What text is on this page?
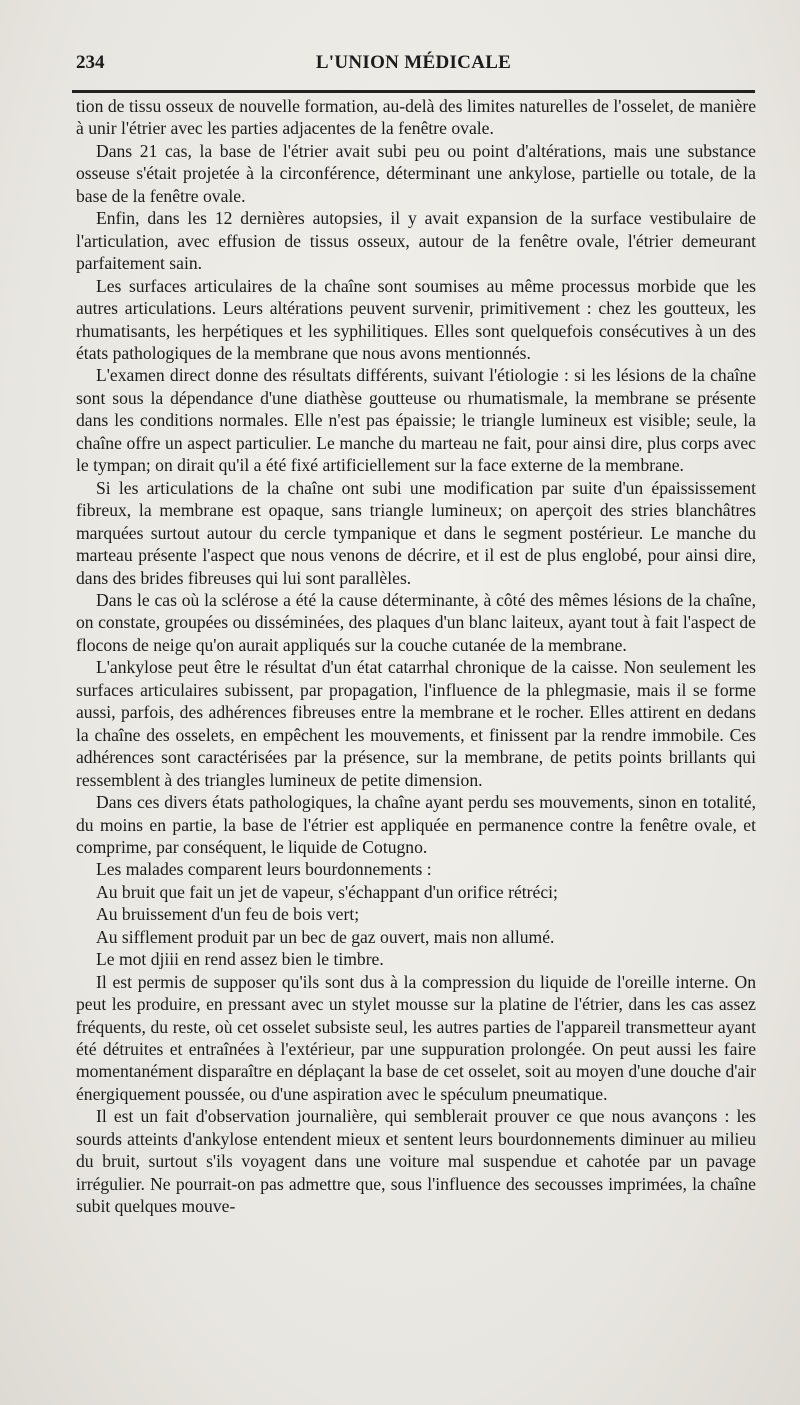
234	L'UNION MÉDICALE

tion de tissu osseux de nouvelle formation, au-delà des limites naturelles de l'osselet, de manière à unir l'étrier avec les parties adjacentes de la fenêtre ovale.

Dans 21 cas, la base de l'étrier avait subi peu ou point d'altérations, mais une substance osseuse s'était projetée à la circonférence, déterminant une ankylose, partielle ou totale, de la base de la fenêtre ovale.

Enfin, dans les 12 dernières autopsies, il y avait expansion de la surface vestibulaire de l'articulation, avec effusion de tissus osseux, autour de la fenêtre ovale, l'étrier demeurant parfaitement sain.

Les surfaces articulaires de la chaîne sont soumises au même processus morbide que les autres articulations. Leurs altérations peuvent survenir, primitivement : chez les goutteux, les rhumatisants, les herpétiques et les syphilitiques. Elles sont quelquefois consécutives à un des états pathologiques de la membrane que nous avons mentionnés.

L'examen direct donne des résultats différents, suivant l'étiologie : si les lésions de la chaîne sont sous la dépendance d'une diathèse goutteuse ou rhumatismale, la membrane se présente dans les conditions normales. Elle n'est pas épaissie; le triangle lumineux est visible; seule, la chaîne offre un aspect particulier. Le manche du marteau ne fait, pour ainsi dire, plus corps avec le tympan; on dirait qu'il a été fixé artificiellement sur la face externe de la membrane.

Si les articulations de la chaîne ont subi une modification par suite d'un épaississement fibreux, la membrane est opaque, sans triangle lumineux; on aperçoit des stries blanchâtres marquées surtout autour du cercle tympanique et dans le segment postérieur. Le manche du marteau présente l'aspect que nous venons de décrire, et il est de plus englobé, pour ainsi dire, dans des brides fibreuses qui lui sont parallèles.

Dans le cas où la sclérose a été la cause déterminante, à côté des mêmes lésions de la chaîne, on constate, groupées ou disséminées, des plaques d'un blanc laiteux, ayant tout à fait l'aspect de flocons de neige qu'on aurait appliqués sur la couche cutanée de la membrane.

L'ankylose peut être le résultat d'un état catarrhal chronique de la caisse. Non seulement les surfaces articulaires subissent, par propagation, l'influence de la phlegmasie, mais il se forme aussi, parfois, des adhérences fibreuses entre la membrane et le rocher. Elles attirent en dedans la chaîne des osselets, en empêchent les mouvements, et finissent par la rendre immobile. Ces adhérences sont caractérisées par la présence, sur la membrane, de petits points brillants qui ressemblent à des triangles lumineux de petite dimension.

Dans ces divers états pathologiques, la chaîne ayant perdu ses mouvements, sinon en totalité, du moins en partie, la base de l'étrier est appliquée en permanence contre la fenêtre ovale, et comprime, par conséquent, le liquide de Cotugno.

Les malades comparent leurs bourdonnements :

Au bruit que fait un jet de vapeur, s'échappant d'un orifice rétréci;

Au bruissement d'un feu de bois vert;

Au sifflement produit par un bec de gaz ouvert, mais non allumé.

Le mot djiii en rend assez bien le timbre.

Il est permis de supposer qu'ils sont dus à la compression du liquide de l'oreille interne. On peut les produire, en pressant avec un stylet mousse sur la platine de l'étrier, dans les cas assez fréquents, du reste, où cet osselet subsiste seul, les autres parties de l'appareil transmetteur ayant été détruites et entraînées à l'extérieur, par une suppuration prolongée. On peut aussi les faire momentanément disparaître en déplaçant la base de cet osselet, soit au moyen d'une douche d'air énergiquement poussée, ou d'une aspiration avec le spéculum pneumatique.

Il est un fait d'observation journalière, qui semblerait prouver ce que nous avançons : les sourds atteints d'ankylose entendent mieux et sentent leurs bourdonnements diminuer au milieu du bruit, surtout s'ils voyagent dans une voiture mal suspendue et cahotée par un pavage irrégulier. Ne pourrait-on pas admettre que, sous l'influence des secousses imprimées, la chaîne subit quelques mouve-
